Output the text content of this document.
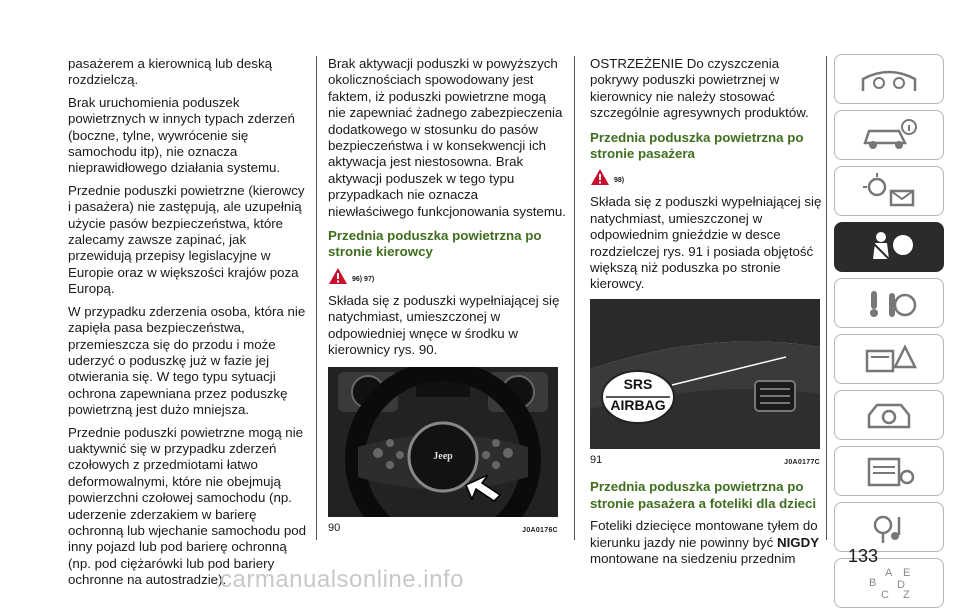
pasażerem a kierownicą lub deską rozdzielczą.

Brak uruchomienia poduszek powietrznych w innych typach zderzeń (boczne, tylne, wywrócenie się samochodu itp), nie oznacza nieprawidłowego działania systemu.

Przednie poduszki powietrzne (kierowcy i pasażera) nie zastępują, ale uzupełnią użycie pasów bezpieczeństwa, które zalecamy zawsze zapinać, jak przewidują przepisy legislacyjne w Europie oraz w większości krajów poza Europą.

W przypadku zderzenia osoba, która nie zapięła pasa bezpieczeństwa, przemieszcza się do przodu i może uderzyć o poduszkę już w fazie jej otwierania się. W tego typu sytuacji ochrona zapewniana przez poduszkę powietrzną jest dużo mniejsza.

Przednie poduszki powietrzne mogą nie uaktywnić się w przypadku zderzeń czołowych z przedmiotami łatwo deformowalnymi, które nie obejmują powierzchni czołowej samochodu (np. uderzenie zderzakiem w barierę ochronną lub wjechanie samochodu pod inny pojazd lub pod barierę ochronną (np. pod ciężarówki lub pod bariery ochronne na autostradzie).

Brak aktywacji poduszki w powyższych okolicznościach spowodowany jest faktem, iż poduszki powietrzne mogą nie zapewniać żadnego zabezpieczenia dodatkowego w stosunku do pasów bezpieczeństwa i w konsekwencji ich aktywacja jest niestosowna. Brak aktywacji poduszek w tego typu przypadkach nie oznacza niewłaściwego funkcjonowania systemu.

Przednia poduszka powietrzna po stronie kierowcy
96) 97)

Składa się z poduszki wypełniającej się natychmiast, umieszczonej w odpowiedniej wnęce w środku w kierownicy rys. 90.

Jeep
90	J0A0176C

OSTRZEŻENIE Do czyszczenia pokrywy poduszki powietrznej w kierownicy nie należy stosować szczególnie agresywnych produktów.

Przednia poduszka powietrzna po stronie pasażera
98)

Składa się z poduszki wypełniającej się natychmiast, umieszczonej w odpowiednim gnieździe w desce rozdzielczej rys. 91 i posiada objętość większą niż poduszka po stronie kierowcy.

SRS
AIRBAG
91	J0A0177C
Przednia poduszka powietrzna po stronie pasażera a foteliki dla dzieci

Foteliki dziecięce montowane tyłem do kierunku jazdy nie powinny być NIGDY montowane na siedzeniu przednim

A
B
C
D
E
Z
133
carmanualsonline.info
